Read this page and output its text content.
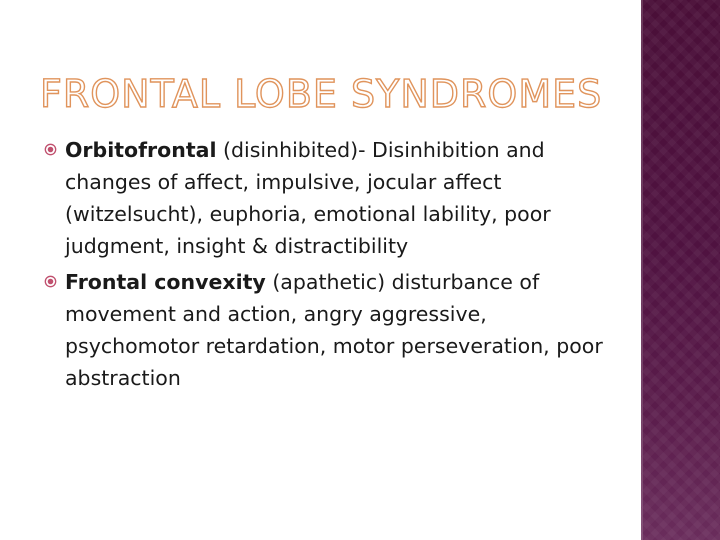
FRONTAL LOBE SYNDROMES
Orbitofrontal (disinhibited)- Disinhibition and changes of affect, impulsive, jocular affect (witzelsucht), euphoria, emotional lability, poor judgment, insight & distractibility
Frontal convexity (apathetic) disturbance of movement and action, angry aggressive, psychomotor retardation, motor perseveration, poor abstraction
